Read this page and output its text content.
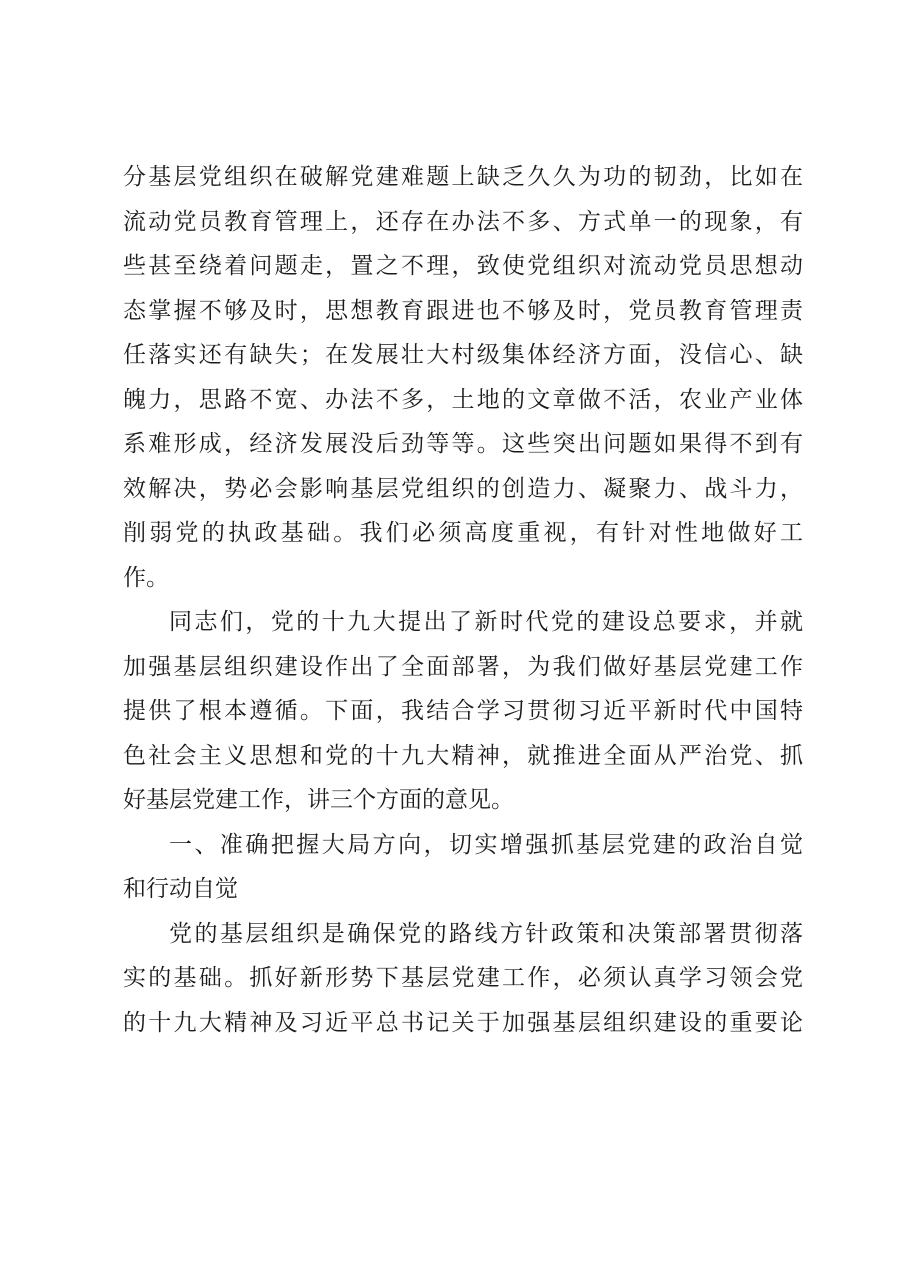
分基层党组织在破解党建难题上缺乏久久为功的韧劲，比如在
流动党员教育管理上，还存在办法不多、方式单一的现象，有
些甚至绕着问题走，置之不理，致使党组织对流动党员思想动
态掌握不够及时，思想教育跟进也不够及时，党员教育管理责
任落实还有缺失；在发展壮大村级集体经济方面，没信心、缺
魄力，思路不宽、办法不多，土地的文章做不活，农业产业体
系难形成，经济发展没后劲等等。这些突出问题如果得不到有
效解决，势必会影响基层党组织的创造力、凝聚力、战斗力，
削弱党的执政基础。我们必须高度重视，有针对性地做好工
作。
同志们，党的十九大提出了新时代党的建设总要求，并就
加强基层组织建设作出了全面部署，为我们做好基层党建工作
提供了根本遵循。下面，我结合学习贯彻习近平新时代中国特
色社会主义思想和党的十九大精神，就推进全面从严治党、抓
好基层党建工作，讲三个方面的意见。
一、准确把握大局方向，切实增强抓基层党建的政治自觉
和行动自觉
党的基层组织是确保党的路线方针政策和决策部署贯彻落
实的基础。抓好新形势下基层党建工作，必须认真学习领会党
的十九大精神及习近平总书记关于加强基层组织建设的重要论
